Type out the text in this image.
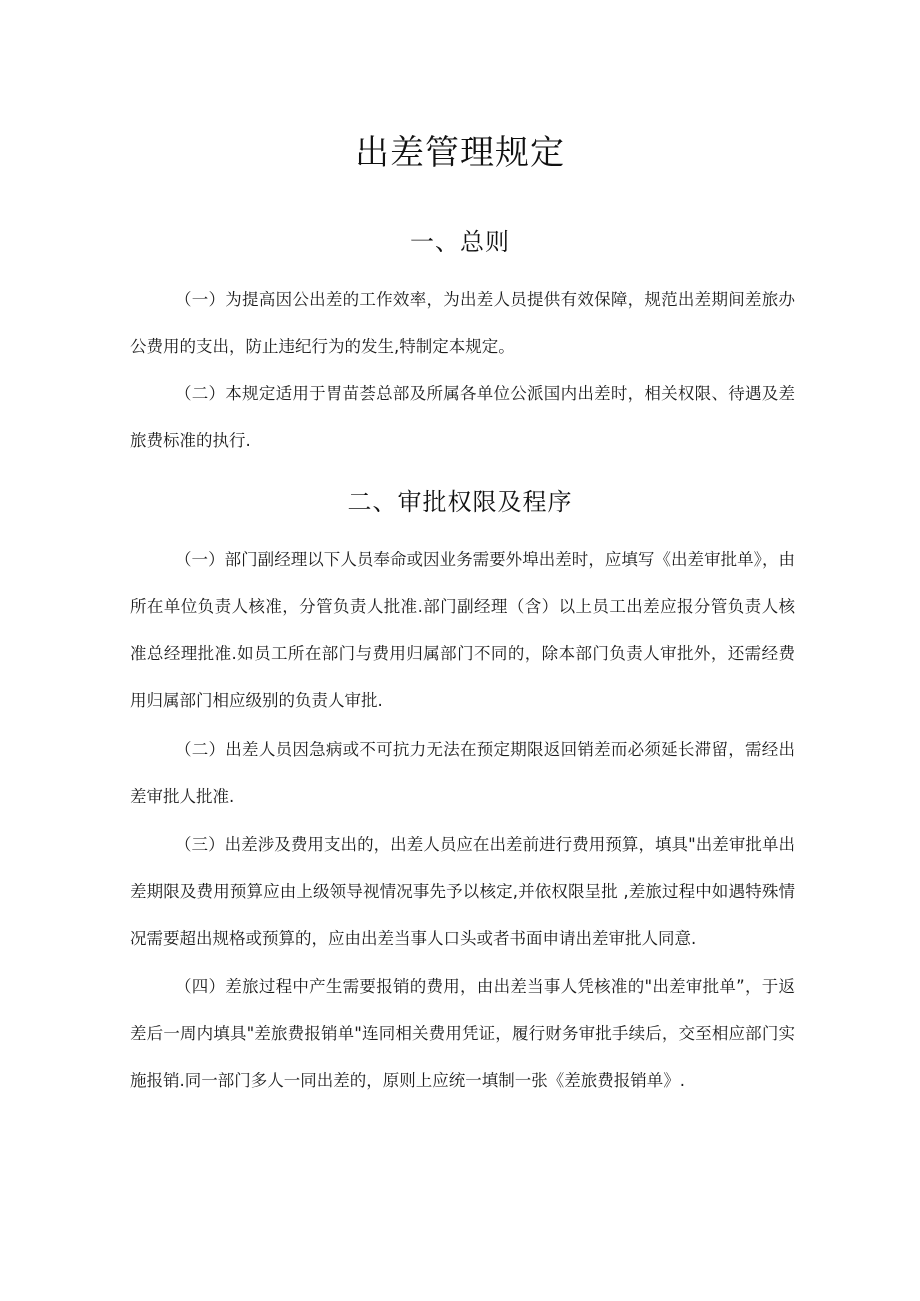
出差管理规定
一、总则

（一）为提高因公出差的工作效率，为出差人员提供有效保障，规范出差期间差旅办公费用的支出，防止违纪行为的发生,特制定本规定。

（二）本规定适用于胃苗荟总部及所属各单位公派国内出差时，相关权限、待遇及差旅费标准的执行.

二、审批权限及程序

（一）部门副经理以下人员奉命或因业务需要外埠出差时，应填写《出差审批单》，由所在单位负责人核准，分管负责人批准.部门副经理（含）以上员工出差应报分管负责人核准总经理批准.如员工所在部门与费用归属部门不同的，除本部门负责人审批外，还需经费用归属部门相应级别的负责人审批.

（二）出差人员因急病或不可抗力无法在预定期限返回销差而必须延长滞留，需经出差审批人批准.

（三）出差涉及费用支出的，出差人员应在出差前进行费用预算，填具"出差审批单出差期限及费用预算应由上级领导视情况事先予以核定,并依权限呈批 ,差旅过程中如遇特殊情况需要超出规格或预算的，应由出差当事人口头或者书面申请出差审批人同意.

（四）差旅过程中产生需要报销的费用，由出差当事人凭核准的"出差审批单”，于返差后一周内填具"差旅费报销单"连同相关费用凭证，履行财务审批手续后，交至相应部门实施报销.同一部门多人一同出差的，原则上应统一填制一张《差旅费报销单》.
